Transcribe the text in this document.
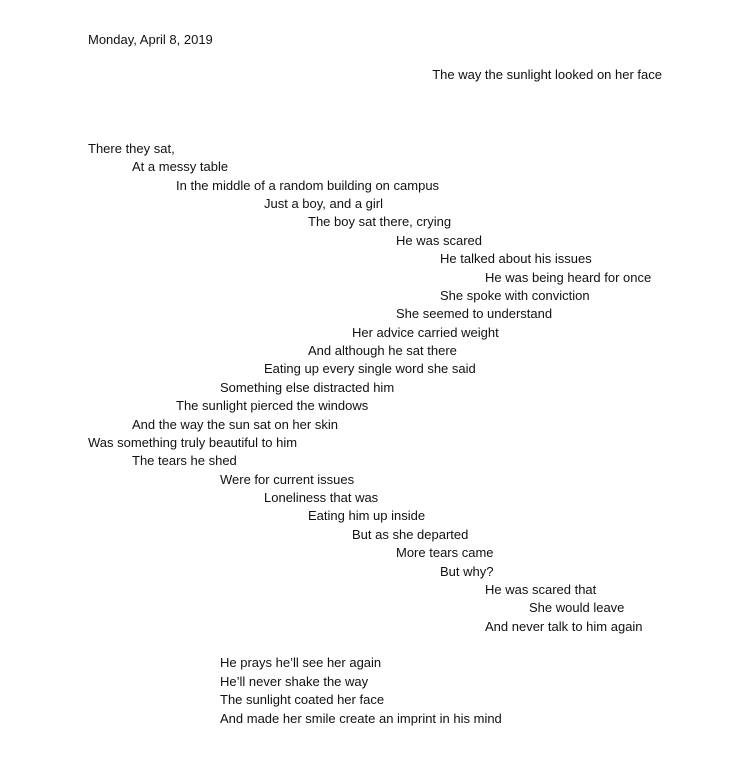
Monday, April 8, 2019
The way the sunlight looked on her face
There they sat,
At a messy table
In the middle of a random building on campus
Just a boy, and a girl
The boy sat there, crying
He was scared
He talked about his issues
He was being heard for once
She spoke with conviction
She seemed to understand
Her advice carried weight
And although he sat there
Eating up every single word she said
Something else distracted him
The sunlight pierced the windows
And the way the sun sat on her skin
Was something truly beautiful to him
The tears he shed
Were for current issues
Loneliness that was
Eating him up inside
But as she departed
More tears came
But why?
He was scared that
She would leave
And never talk to him again
He prays he’ll see her again
He’ll never shake the way
The sunlight coated her face
And made her smile create an imprint in his mind
